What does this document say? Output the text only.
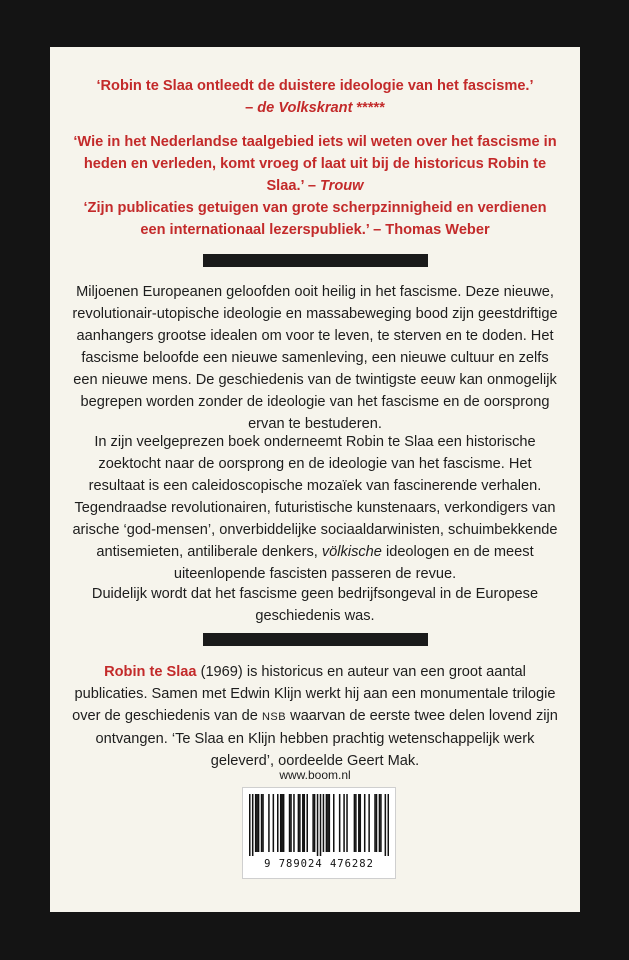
‘Robin te Slaa ontleedt de duistere ideologie van het fascisme.’
– de Volkskrant *****
‘Wie in het Nederlandse taalgebied iets wil weten over het fascisme in heden en verleden, komt vroeg of laat uit bij de historicus Robin te Slaa.’ – Trouw
‘Zijn publicaties getuigen van grote scherpzinnigheid en verdienen een internationaal lezerspubliek.’ – Thomas Weber
Miljoenen Europeanen geloofden ooit heilig in het fascisme. Deze nieuwe, revolutionair-utopische ideologie en massabeweging bood zijn geestdriftige aanhangers grootse idealen om voor te leven, te sterven en te doden. Het fascisme beloofde een nieuwe samenleving, een nieuwe cultuur en zelfs een nieuwe mens. De geschiedenis van de twintigste eeuw kan onmogelijk begrepen worden zonder de ideologie van het fascisme en de oorsprong ervan te bestuderen.
In zijn veelgeprezen boek onderneemt Robin te Slaa een historische zoektocht naar de oorsprong en de ideologie van het fascisme. Het resultaat is een caleidoscopische mozaïek van fascinerende verhalen. Tegendraadse revolutionairen, futuristische kunstenaars, verkondigers van arische ‘god-mensen’, onverbiddelijke sociaaldarwinisten, schuimbekkende antisemieten, antiliberale denkers, völkische ideologen en de meest uiteenlopende fascisten passeren de revue.
Duidelijk wordt dat het fascisme geen bedrijfsongeval in de Europese geschiedenis was.
Robin te Slaa (1969) is historicus en auteur van een groot aantal publicaties. Samen met Edwin Klijn werkt hij aan een monumentale trilogie over de geschiedenis van de NSB waarvan de eerste twee delen lovend zijn ontvangen. ‘Te Slaa en Klijn hebben prachtig wetenschappelijk werk geleverd’, oordeelde Geert Mak.
www.boom.nl
9 789024 476282
